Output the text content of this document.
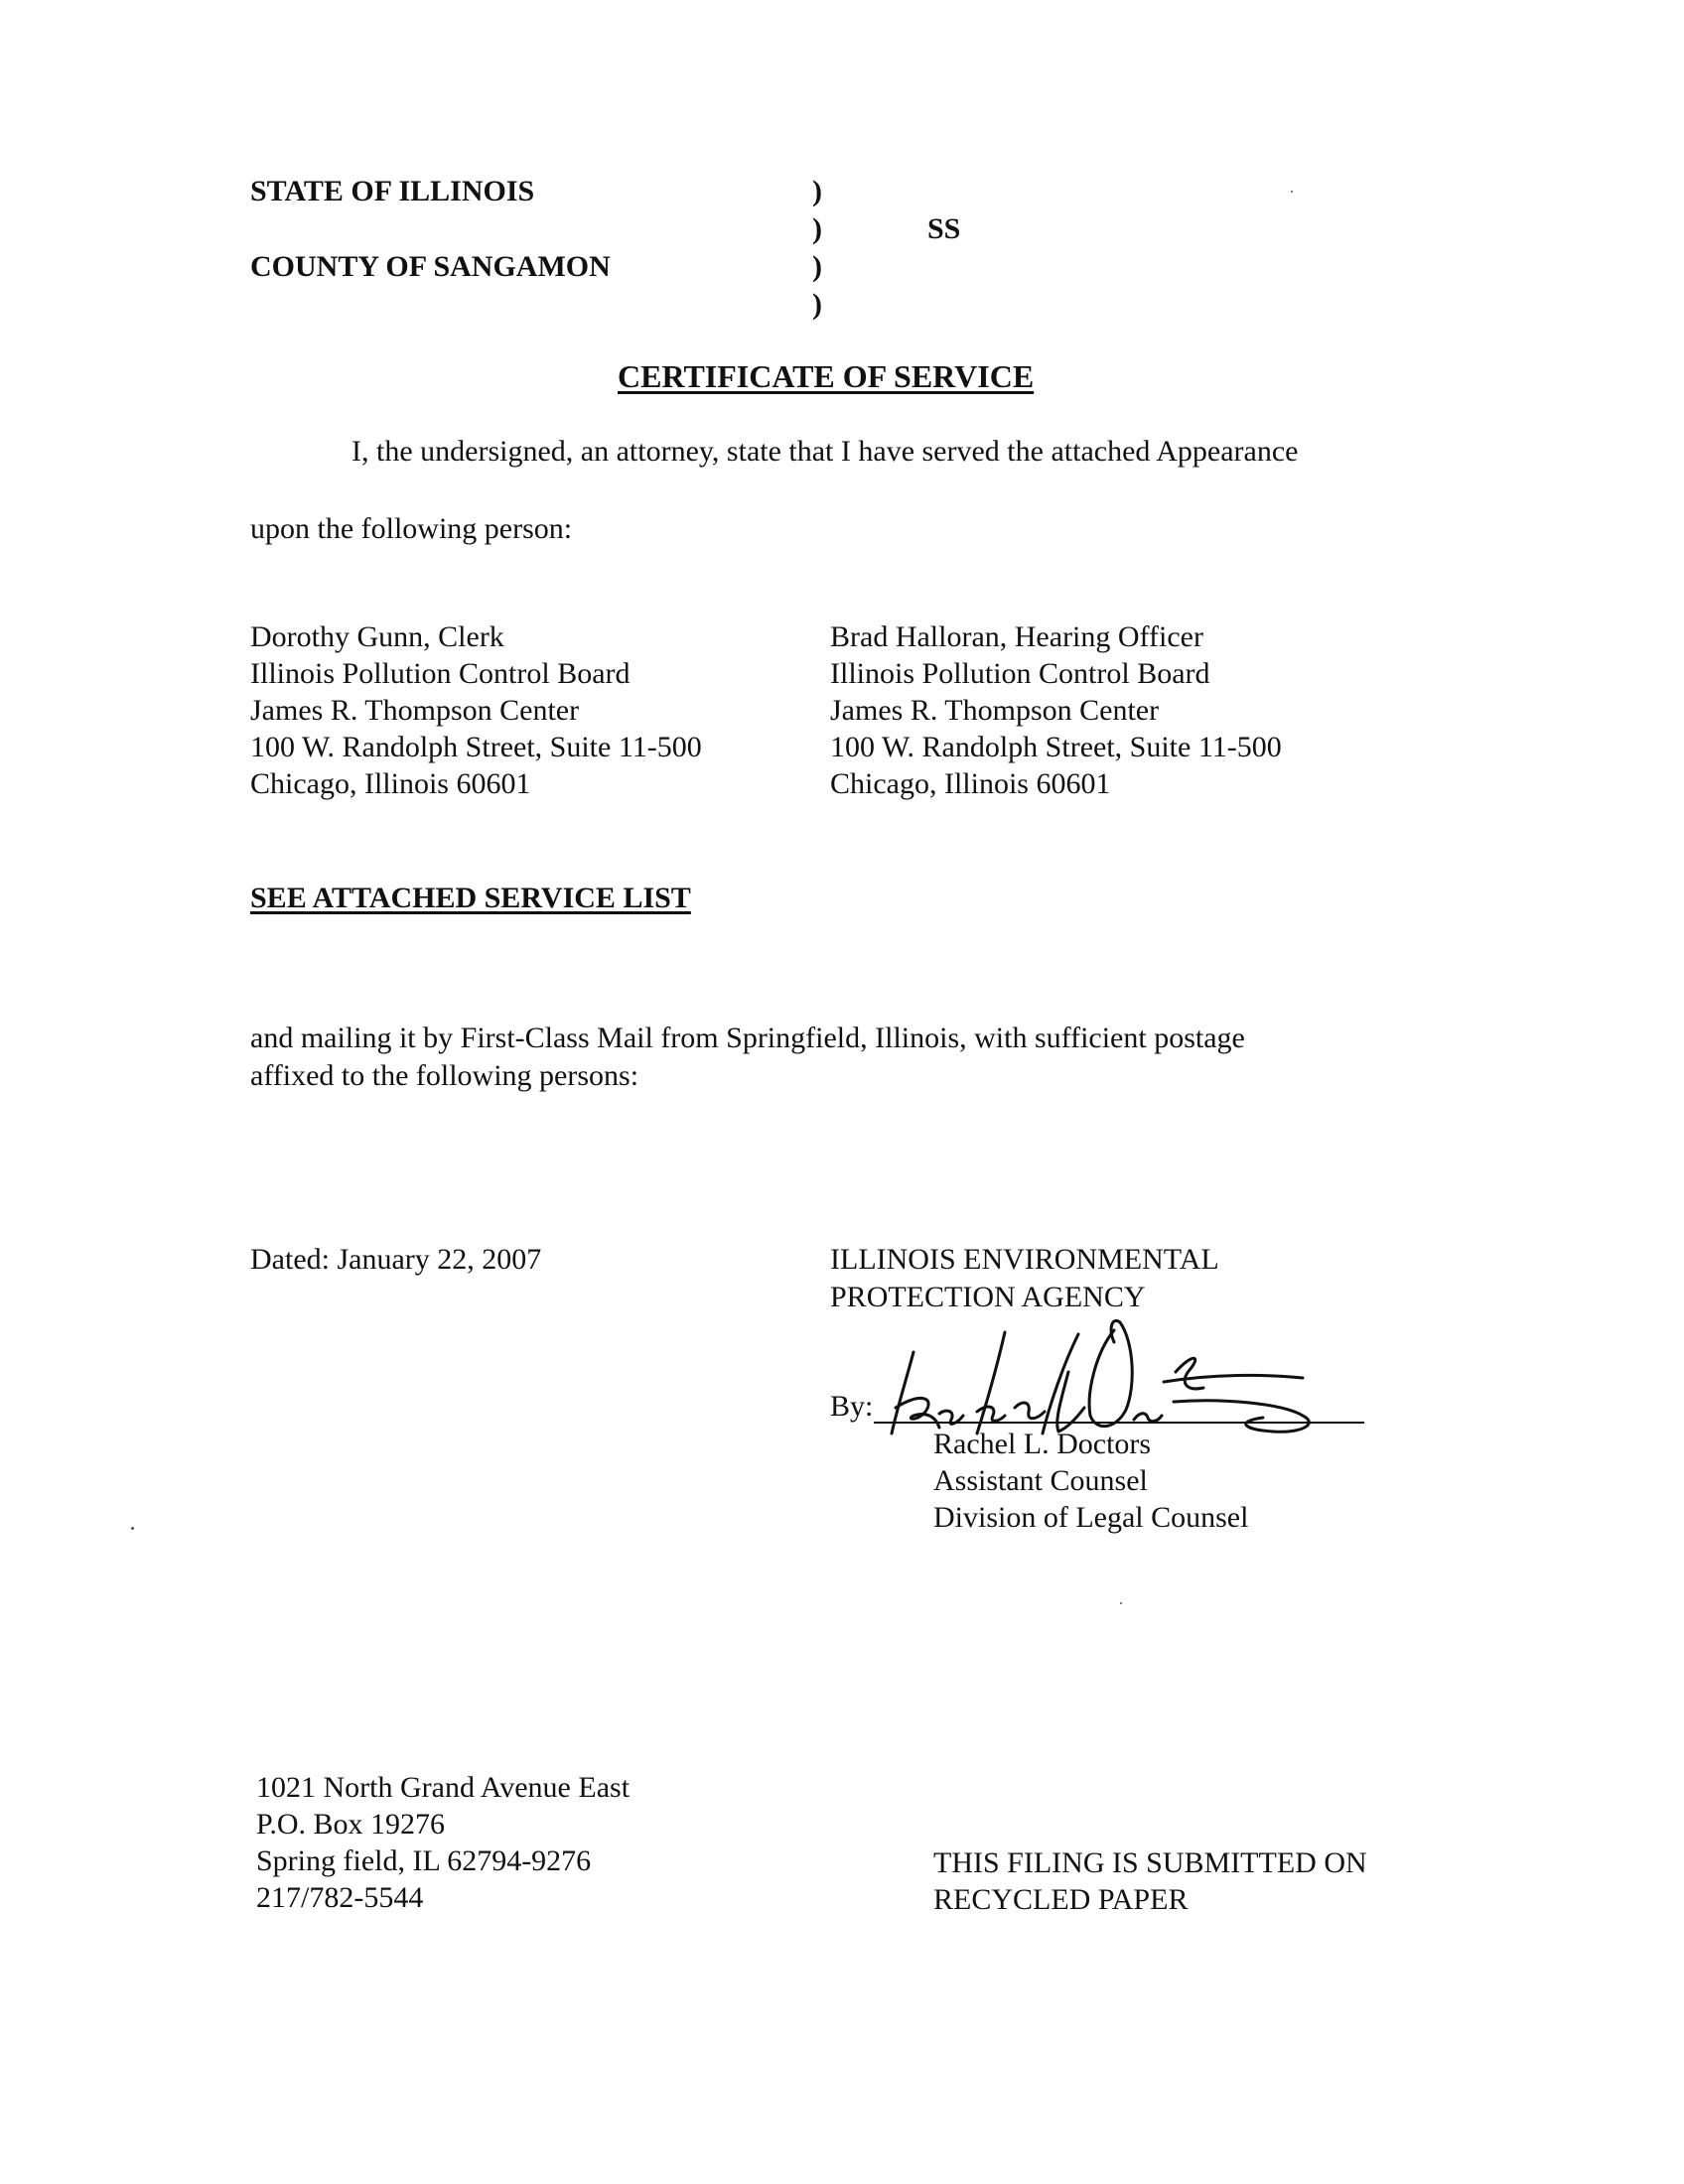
STATE OF ILLINOIS
COUNTY OF SANGAMON
)
)
)
)
SS
CERTIFICATE OF SERVICE
I, the undersigned, an attorney, state that I have served the attached Appearance
upon the following person:
Dorothy Gunn, Clerk
Illinois Pollution Control Board
James R. Thompson Center
100 W. Randolph Street, Suite 11-500
Chicago, Illinois 60601
Brad Halloran, Hearing Officer
Illinois Pollution Control Board
James R. Thompson Center
100 W. Randolph Street, Suite 11-500
Chicago, Illinois 60601
SEE ATTACHED SERVICE LIST
and mailing it by First-Class Mail from Springfield, Illinois, with sufficient postage
affixed to the following persons:
Dated: January 22, 2007	ILLINOIS ENVIRONMENTAL
PROTECTION AGENCY
By:
Rachel L. Doctors
Assistant Counsel
Division of Legal Counsel
1021 North Grand Avenue East
P.O. Box 19276
Spring field, IL 62794-9276
217/782-5544
THIS FILING IS SUBMITTED ON
RECYCLED PAPER
